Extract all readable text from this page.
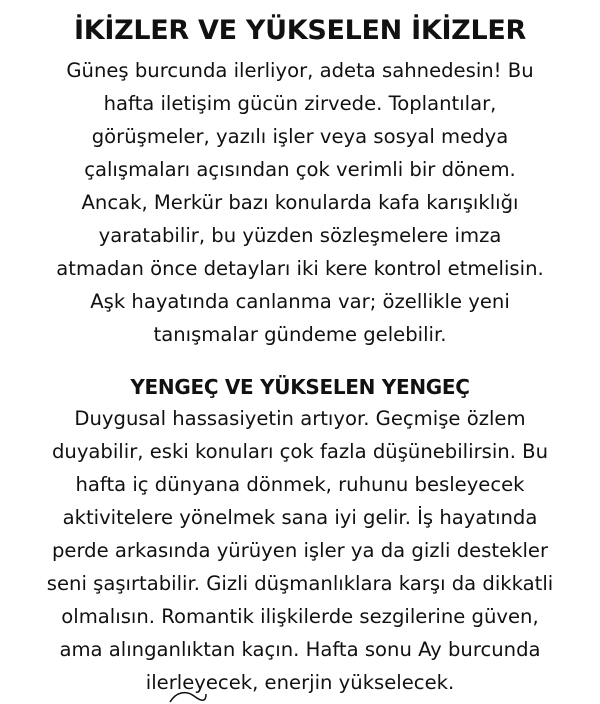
İKİZLER VE YÜKSELEN İKİZLER

Güneş burcunda ilerliyor, adeta sahnedesin! Bu
hafta iletişim gücün zirvede. Toplantılar,
görüşmeler, yazılı işler veya sosyal medya
çalışmaları açısından çok verimli bir dönem.
Ancak, Merkür bazı konularda kafa karışıklığı
yaratabilir, bu yüzden sözleşmelere imza
atmadan önce detayları iki kere kontrol etmelisin.
Aşk hayatında canlanma var; özellikle yeni
tanışmalar gündeme gelebilir.

YENGEÇ VE YÜKSELEN YENGEÇ

Duygusal hassasiyetin artıyor. Geçmişe özlem
duyabilir, eski konuları çok fazla düşünebilirsin. Bu
hafta iç dünyana dönmek, ruhunu besleyecek
aktivitelere yönelmek sana iyi gelir. İş hayatında
perde arkasında yürüyen işler ya da gizli destekler
seni şaşırtabilir. Gizli düşmanlıklara karşı da dikkatli
olmalısın. Romantik ilişkilerde sezgilerine güven,
ama alınganlıktan kaçın. Hafta sonu Ay burcunda
ilerleyecek, enerjin yükselecek.
